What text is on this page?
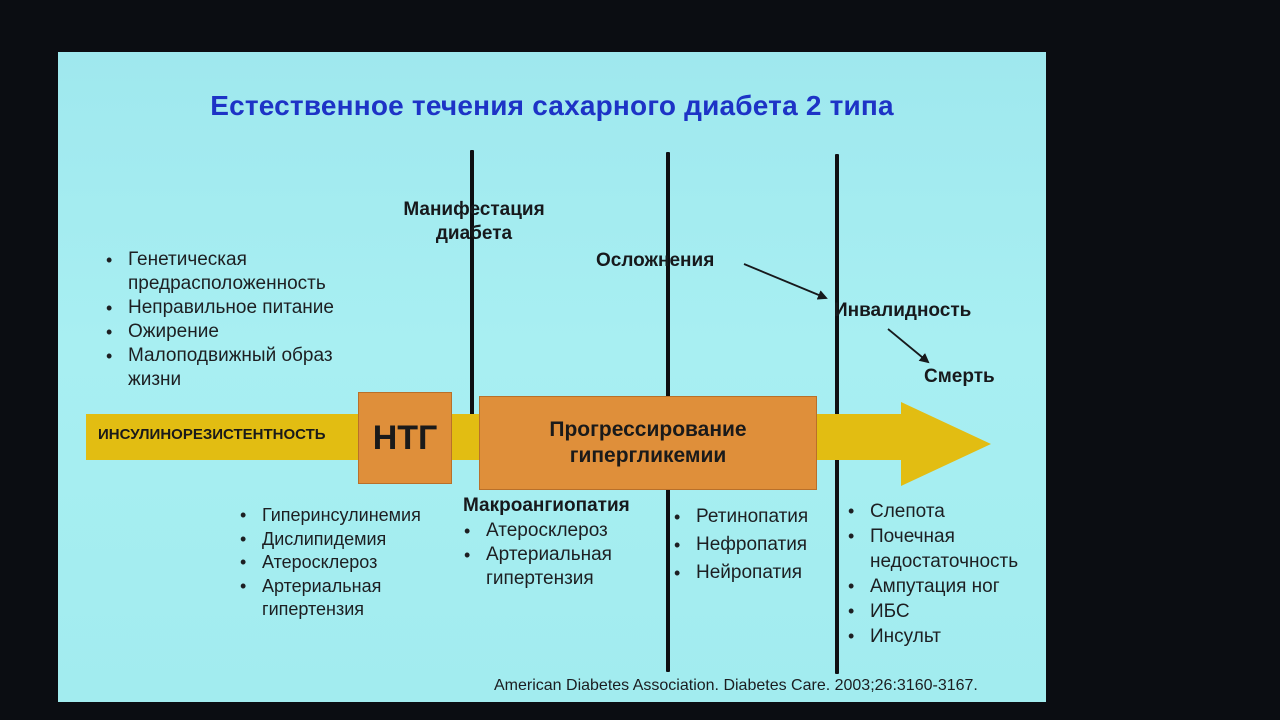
Естественное течения сахарного диабета 2 типа
• Генетическая предрасположенность
• Неправильное питание
• Ожирение
• Малоподвижный образ жизни
Манифестация диабета
Осложнения
Инвалидность
Смерть
ИНСУЛИНОРЕЗИСТЕНТНОСТЬ НТГ	Прогрессирование гипергликемии
• Гиперинсулинемия
• Дислипидемия
• Атеросклероз
• Артериальная гипертензия
Макроангиопатия
• Атеросклероз
• Артериальная гипертензия
• Ретинопатия
• Нефропатия
• Нейропатия
• Слепота
• Почечная недостаточность
• Ампутация ног
• ИБС
• Инсульт
American Diabetes Association. Diabetes Care. 2003;26:3160-3167.
